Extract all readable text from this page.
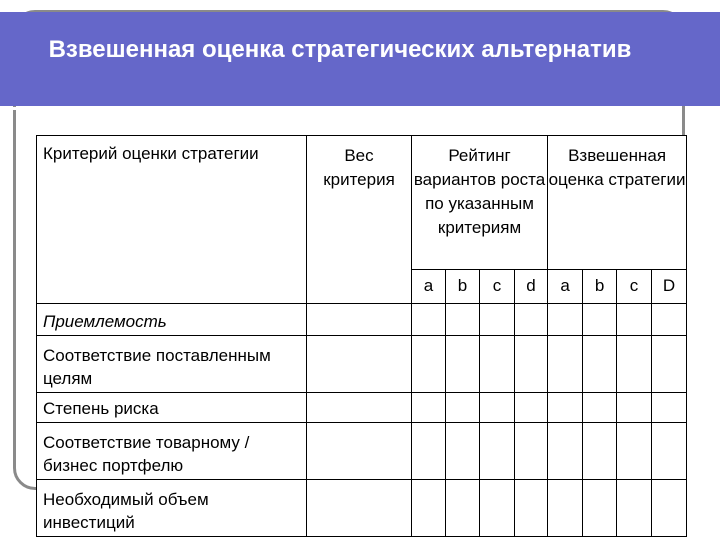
Взвешенная оценка стратегических альтернатив
Критерий оценки стратегии	Вес критерия	Рейтинг вариантов роста по указанным критериям				Взвешенная оценка стратегии			
		a	b	c	d	a	b	c	D
Приемлемость									
Соответствие поставленным целям									
Степень риска									
Соответствие товарному / бизнес портфелю									
Необходимый объем инвестиций									
